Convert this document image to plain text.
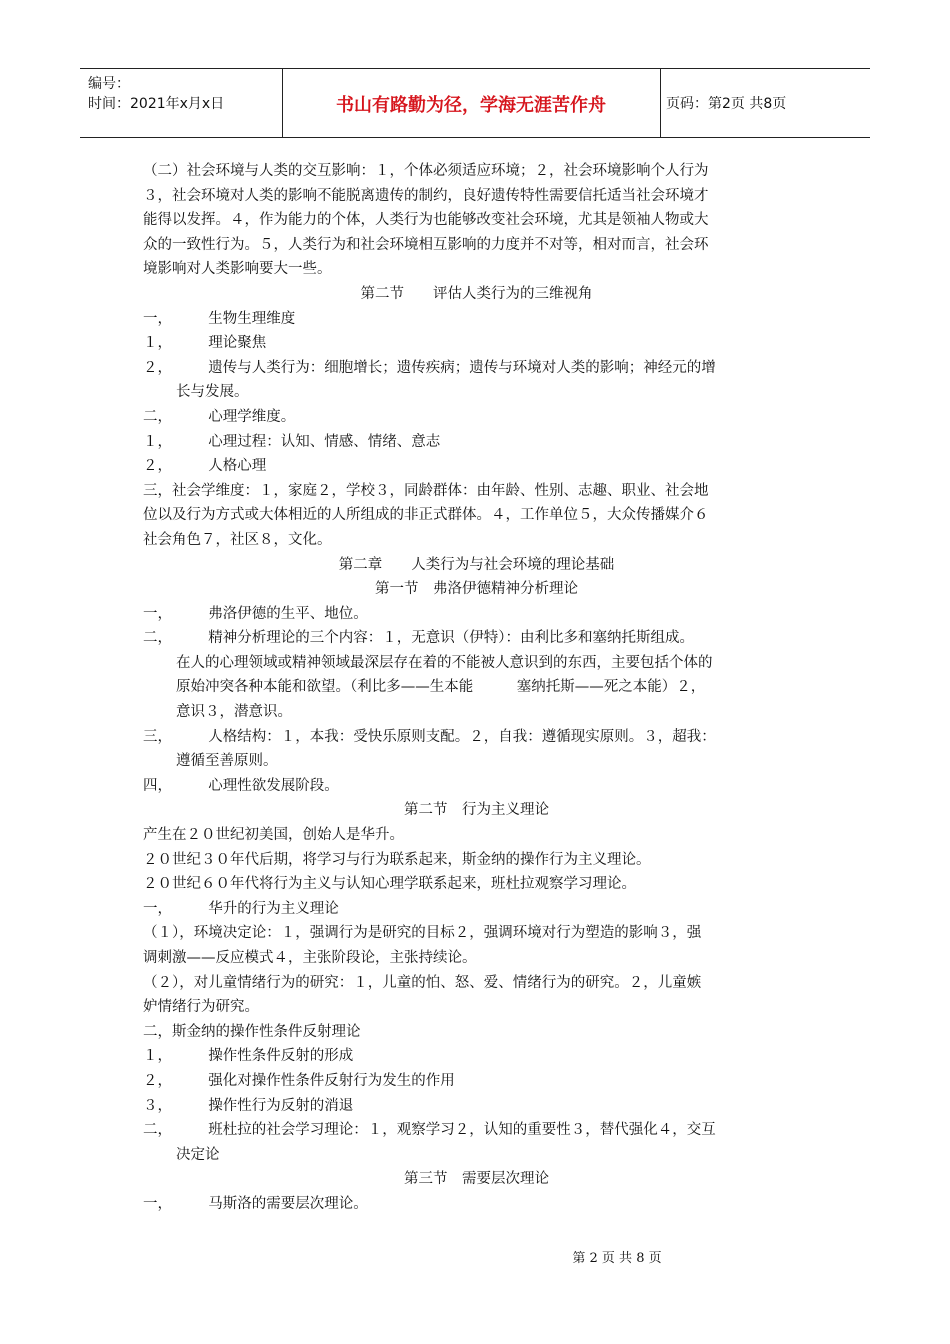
编号：
时间：2021年x月x日	书山有路勤为径，学海无涯苦作舟	页码：第2页 共8页

（二）社会环境与人类的交互影响：１，个体必须适应环境；２，社会环境影响个人行为

３，社会环境对人类的影响不能脱离遗传的制约，良好遗传特性需要信托适当社会环境才

能得以发挥。４，作为能力的个体，人类行为也能够改变社会环境，尤其是领袖人物或大

众的一致性行为。５，人类行为和社会环境相互影响的力度并不对等，相对而言，社会环

境影响对人类影响要大一些。

第二节　　评估人类行为的三维视角

一，　　　生物生理维度

１，　　　理论聚焦

２，　　　遗传与人类行为：细胞增长；遗传疾病；遗传与环境对人类的影响；神经元的增

长与发展。

二，　　　心理学维度。

１，　　　心理过程：认知、情感、情绪、意志

２，　　　人格心理

三，社会学维度：１，家庭２，学校３，同龄群体：由年龄、性别、志趣、职业、社会地

位以及行为方式或大体相近的人所组成的非正式群体。４，工作单位５，大众传播媒介６

社会角色７，社区８，文化。

第二章　　人类行为与社会环境的理论基础

第一节　弗洛伊德精神分析理论

一，　　　弗洛伊德的生平、地位。

二，　　　精神分析理论的三个内容：１，无意识（伊特）：由利比多和塞纳托斯组成。

在人的心理领域或精神领域最深层存在着的不能被人意识到的东西，主要包括个体的

原始冲突各种本能和欲望。（利比多——生本能　　　塞纳托斯——死之本能）２，

意识３，潜意识。

三，　　　人格结构：１，本我：受快乐原则支配。２，自我：遵循现实原则。３，超我：

遵循至善原则。

四，　　　心理性欲发展阶段。

第二节　行为主义理论

产生在２０世纪初美国，创始人是华升。

２０世纪３０年代后期，将学习与行为联系起来，斯金纳的操作行为主义理论。

２０世纪６０年代将行为主义与认知心理学联系起来，班杜拉观察学习理论。

一，　　　华升的行为主义理论

（１），环境决定论：１，强调行为是研究的目标２，强调环境对行为塑造的影响３，强

调刺激——反应模式４，主张阶段论，主张持续论。

（２），对儿童情绪行为的研究：１，儿童的怕、怒、爱、情绪行为的研究。２，儿童嫉

妒情绪行为研究。

二，斯金纳的操作性条件反射理论

１，　　　操作性条件反射的形成

２，　　　强化对操作性条件反射行为发生的作用

３，　　　操作性行为反射的消退

二，　　　班杜拉的社会学习理论：１，观察学习２，认知的重要性３，替代强化４，交互

决定论

第三节　需要层次理论

一，　　　马斯洛的需要层次理论。

第 2 页 共 8 页
